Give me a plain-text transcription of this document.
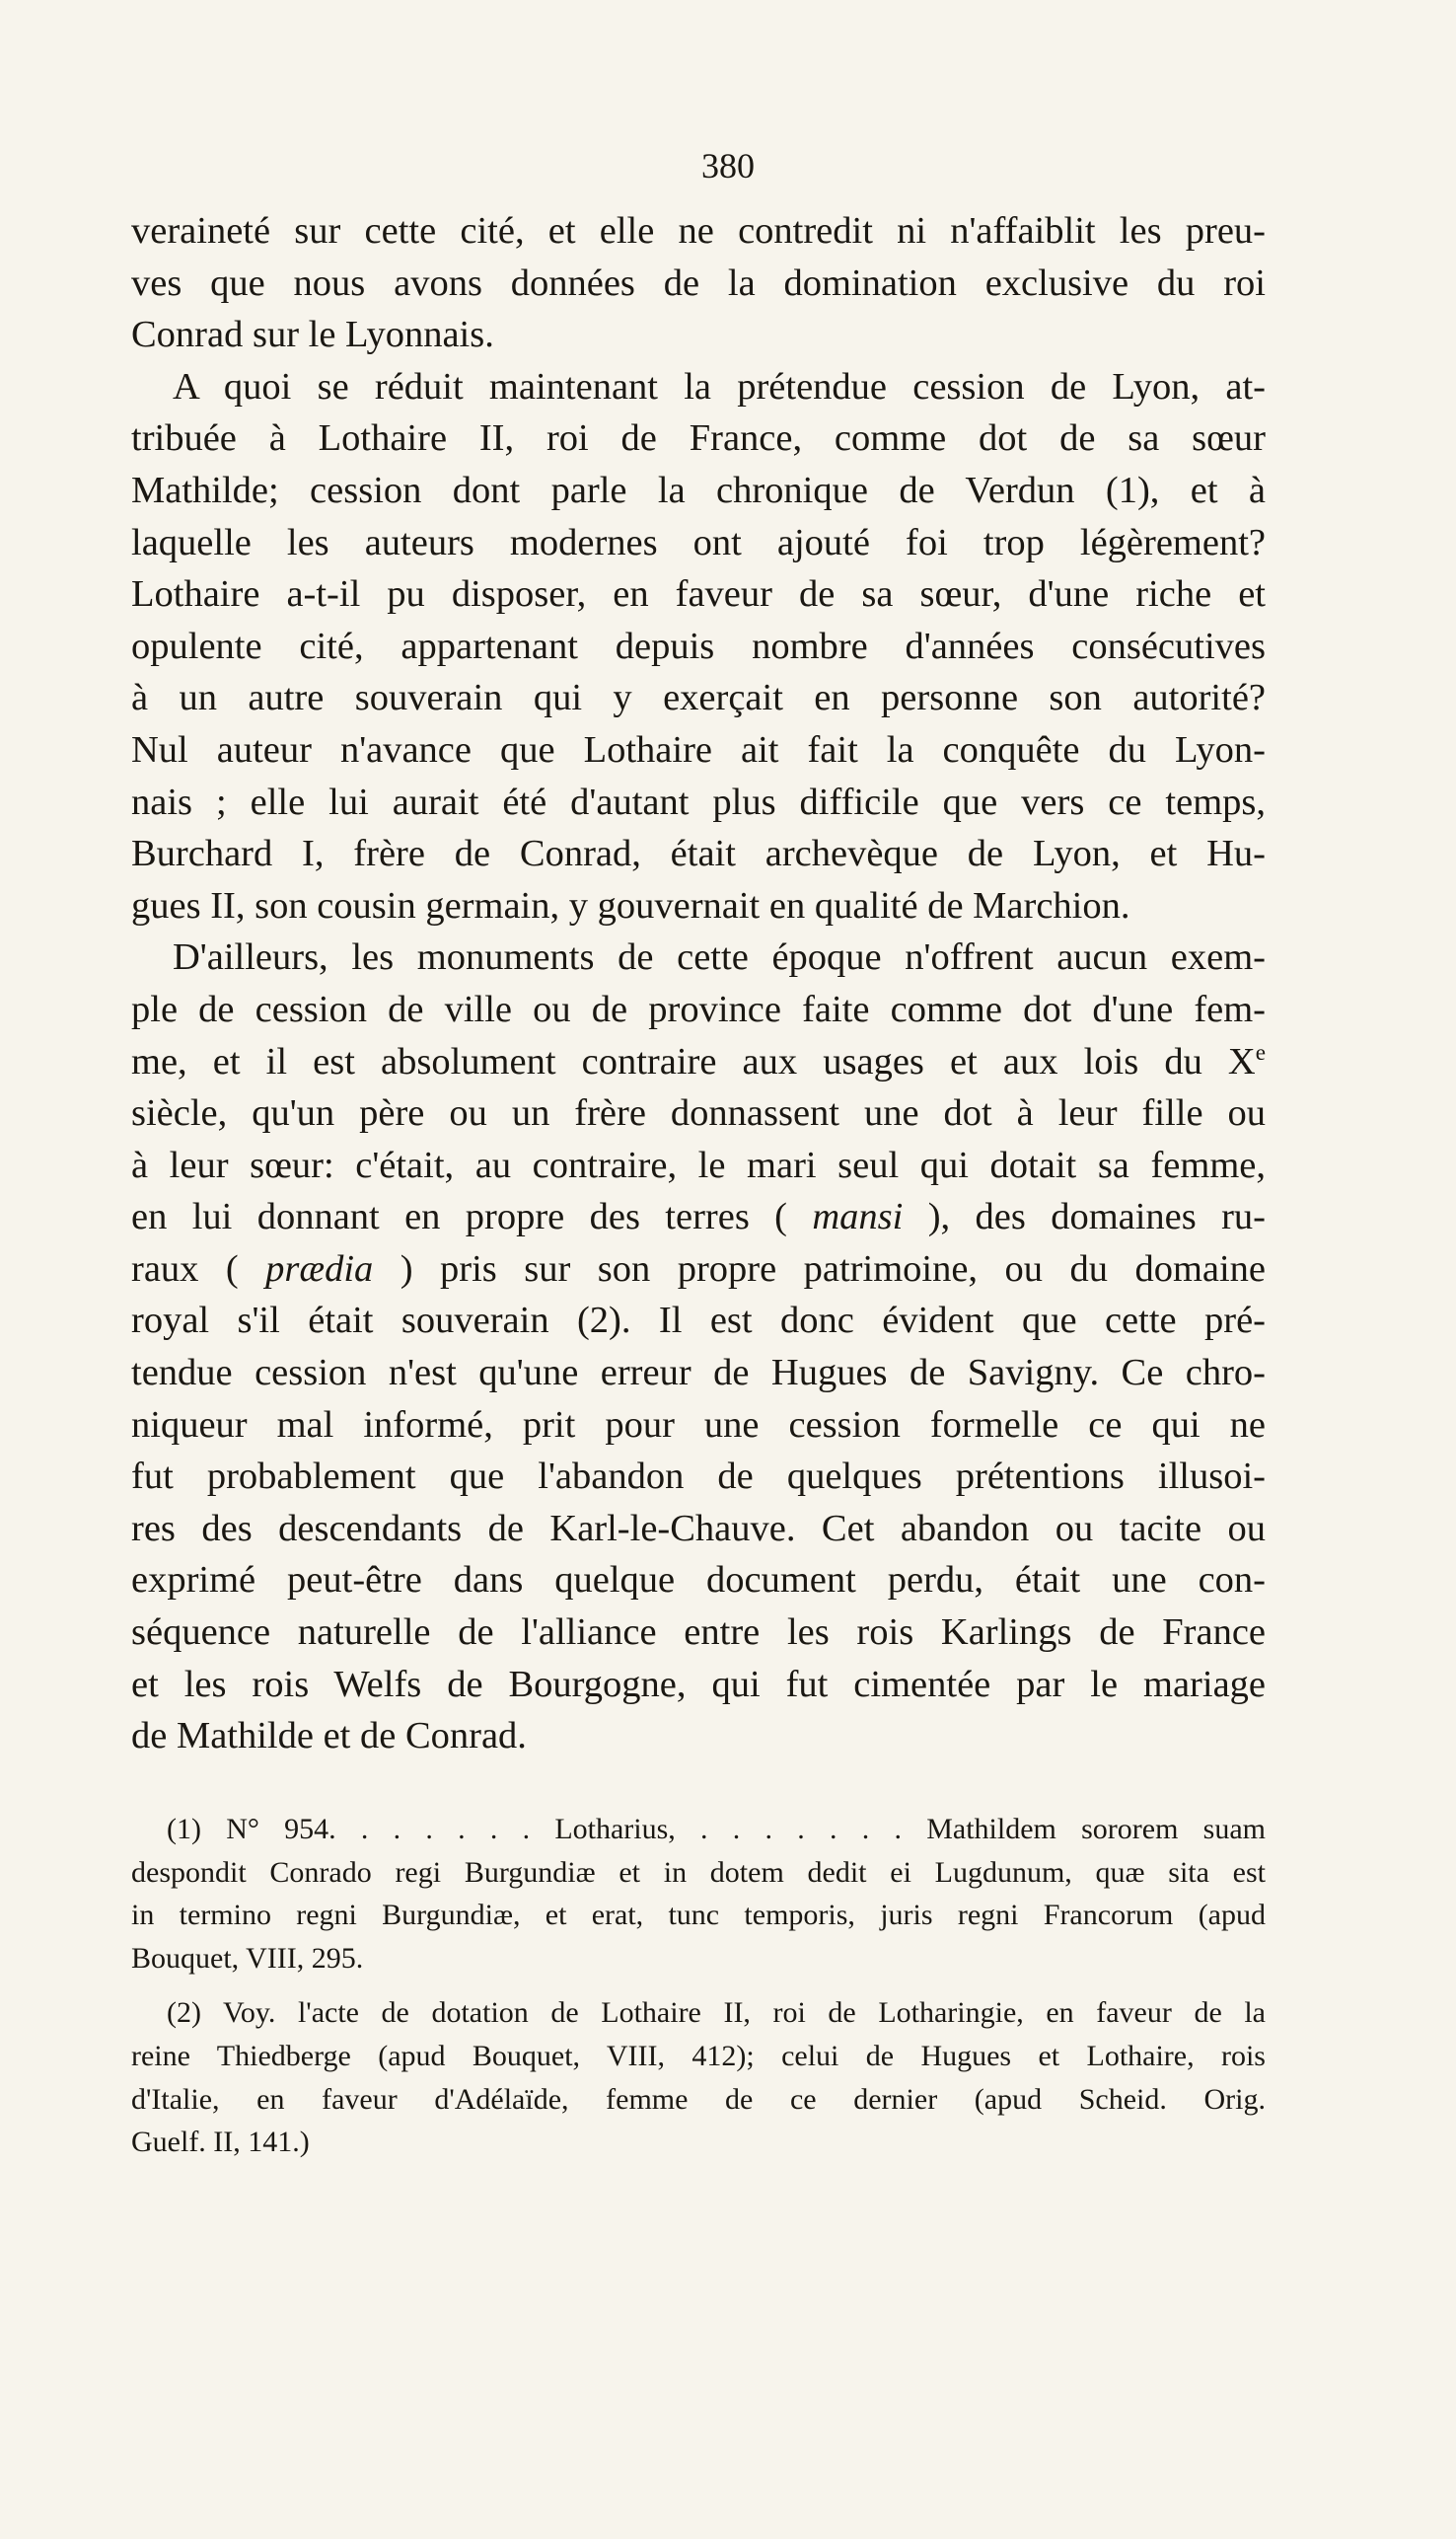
380
veraineté sur cette cité, et elle ne contredit ni n'affaiblit les preu-
ves que nous avons données de la domination exclusive du roi
Conrad sur le Lyonnais.
A quoi se réduit maintenant la prétendue cession de Lyon, at-
tribuée à Lothaire II, roi de France, comme dot de sa sœur
Mathilde; cession dont parle la chronique de Verdun (1), et à
laquelle les auteurs modernes ont ajouté foi trop légèrement?
Lothaire a-t-il pu disposer, en faveur de sa sœur, d'une riche et
opulente cité, appartenant depuis nombre d'années consécutives
à un autre souverain qui y exerçait en personne son autorité?
Nul auteur n'avance que Lothaire ait fait la conquête du Lyon-
nais ; elle lui aurait été d'autant plus difficile que vers ce temps,
Burchard I, frère de Conrad, était archevèque de Lyon, et Hu-
gues II, son cousin germain, y gouvernait en qualité de Marchion.
D'ailleurs, les monuments de cette époque n'offrent aucun exem-
ple de cession de ville ou de province faite comme dot d'une fem-
me, et il est absolument contraire aux usages et aux lois du Xe
siècle, qu'un père ou un frère donnassent une dot à leur fille ou
à leur sœur: c'était, au contraire, le mari seul qui dotait sa femme,
en lui donnant en propre des terres ( mansi ), des domaines ru-
raux ( prædia ) pris sur son propre patrimoine, ou du domaine
royal s'il était souverain (2). Il est donc évident que cette pré-
tendue cession n'est qu'une erreur de Hugues de Savigny. Ce chro-
niqueur mal informé, prit pour une cession formelle ce qui ne
fut probablement que l'abandon de quelques prétentions illusoi-
res des descendants de Karl-le-Chauve. Cet abandon ou tacite ou
exprimé peut-être dans quelque document perdu, était une con-
séquence naturelle de l'alliance entre les rois Karlings de France
et les rois Welfs de Bourgogne, qui fut cimentée par le mariage
de Mathilde et de Conrad.
(1) N° 954. . . . . . . Lotharius, . . . . . . . Mathildem sororem suam
despondit Conrado regi Burgundiæ et in dotem dedit ei Lugdunum, quæ sita est
in termino regni Burgundiæ, et erat, tunc temporis, juris regni Francorum (apud
Bouquet, VIII, 295.
(2) Voy. l'acte de dotation de Lothaire II, roi de Lotharingie, en faveur de la
reine Thiedberge (apud Bouquet, VIII, 412); celui de Hugues et Lothaire, rois
d'Italie, en faveur d'Adélaïde, femme de ce dernier (apud Scheid. Orig.
Guelf. II, 141.)
